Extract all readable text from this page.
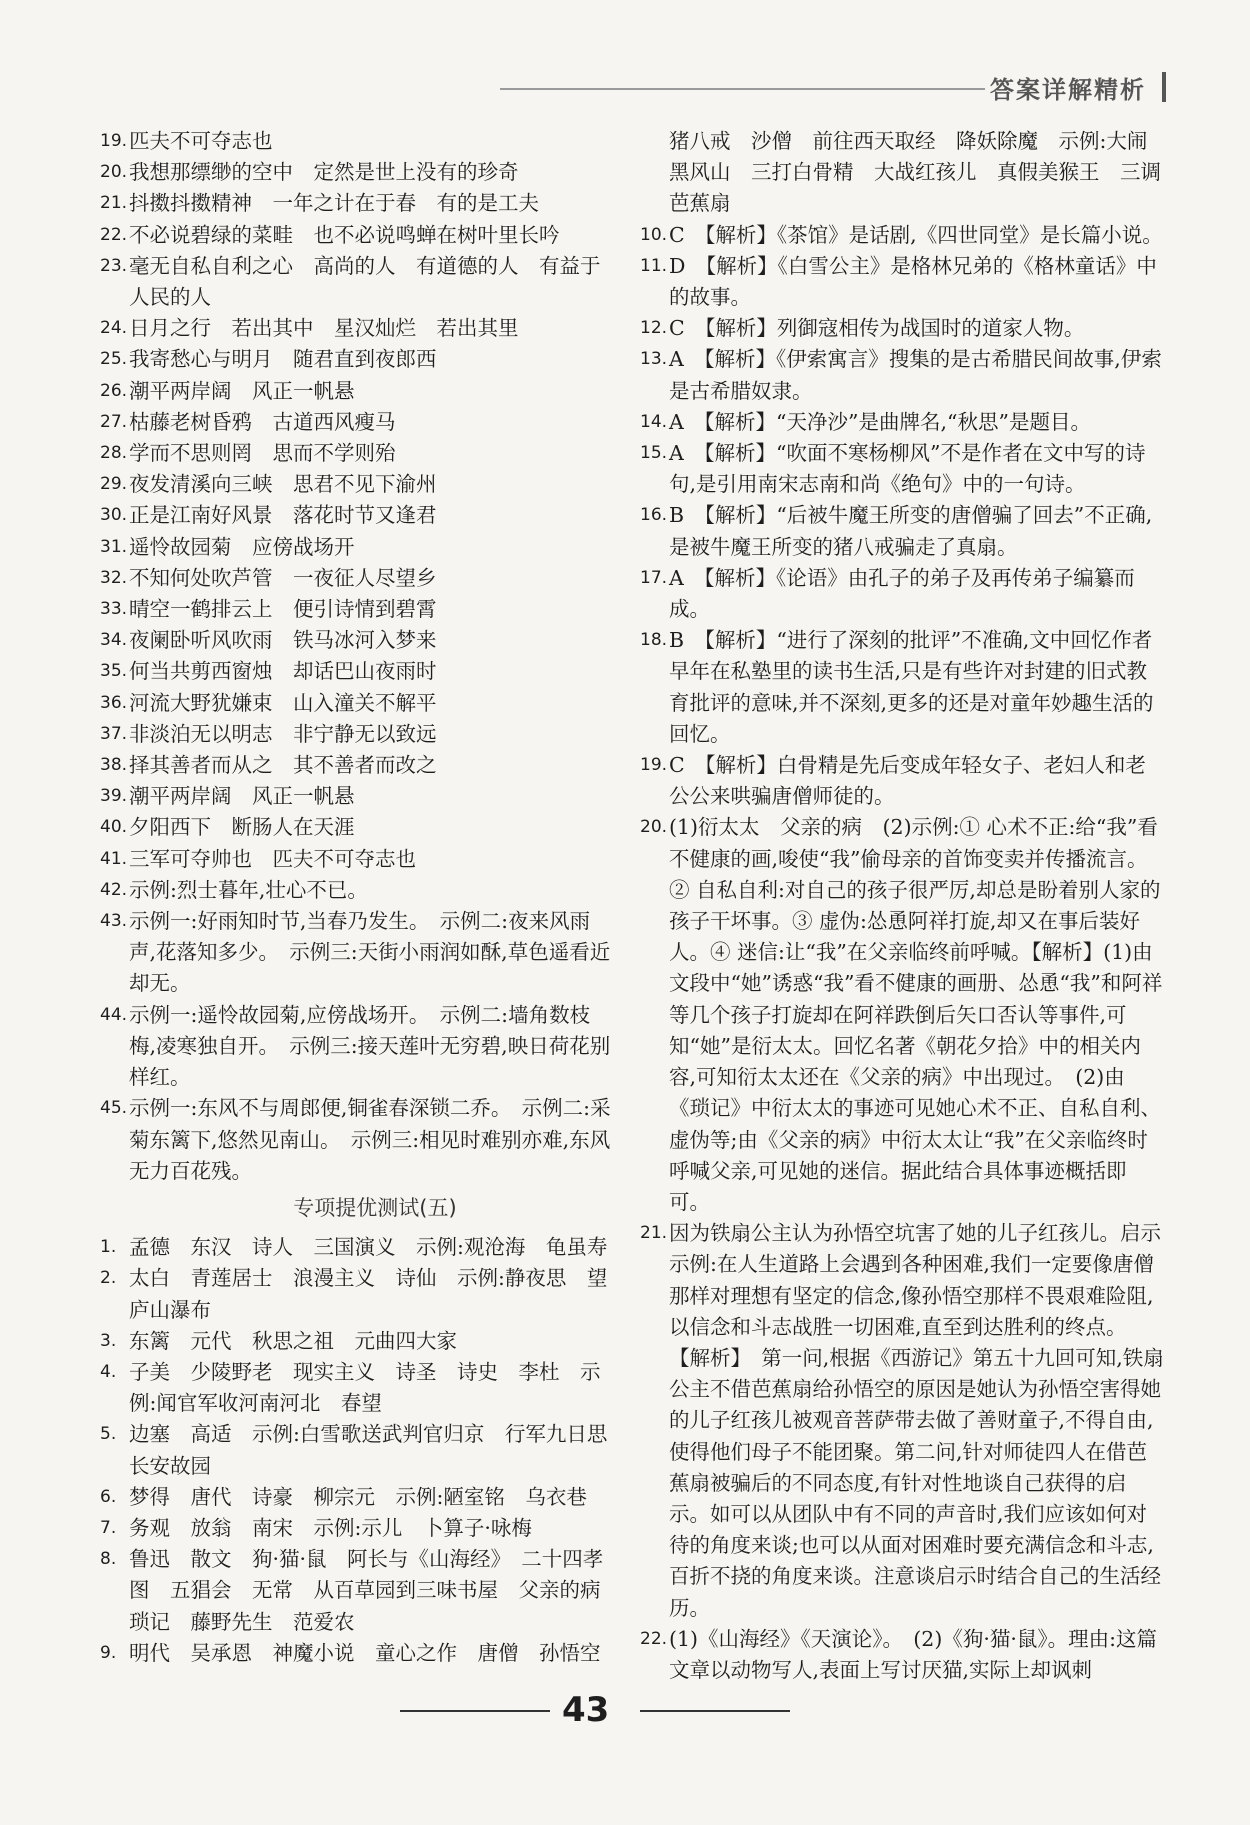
答案详解精析
19. 匹夫不可夺志也
20. 我想那缥缈的空中　定然是世上没有的珍奇
21. 抖擞抖擞精神　一年之计在于春　有的是工夫
22. 不必说碧绿的菜畦　也不必说鸣蝉在树叶里长吟
23. 毫无自私自利之心　高尚的人　有道德的人　有益于人民的人
24. 日月之行　若出其中　星汉灿烂　若出其里
25. 我寄愁心与明月　随君直到夜郎西
26. 潮平两岸阔　风正一帆悬
27. 枯藤老树昏鸦　古道西风瘦马
28. 学而不思则罔　思而不学则殆
29. 夜发清溪向三峡　思君不见下渝州
30. 正是江南好风景　落花时节又逢君
31. 遥怜故园菊　应傍战场开
32. 不知何处吹芦管　一夜征人尽望乡
33. 晴空一鹤排云上　便引诗情到碧霄
34. 夜阑卧听风吹雨　铁马冰河入梦来
35. 何当共剪西窗烛　却话巴山夜雨时
36. 河流大野犹嫌束　山入潼关不解平
37. 非淡泊无以明志　非宁静无以致远
38. 择其善者而从之　其不善者而改之
39. 潮平两岸阔　风正一帆悬
40. 夕阳西下　断肠人在天涯
41. 三军可夺帅也　匹夫不可夺志也
42. 示例:烈士暮年,壮心不已。
43. 示例一:好雨知时节,当春乃发生。　示例二:夜来风雨声,花落知多少。　示例三:天街小雨润如酥,草色遥看近却无。
44. 示例一:遥怜故园菊,应傍战场开。　示例二:墙角数枝梅,凌寒独自开。　示例三:接天莲叶无穷碧,映日荷花别样红。
45. 示例一:东风不与周郎便,铜雀春深锁二乔。　示例二:采菊东篱下,悠然见南山。　示例三:相见时难别亦难,东风无力百花残。
专项提优测试(五)
1. 孟德　东汉　诗人　三国演义　示例:观沧海　龟虽寿
2. 太白　青莲居士　浪漫主义　诗仙　示例:静夜思　望庐山瀑布
3. 东篱　元代　秋思之祖　元曲四大家
4. 子美　少陵野老　现实主义　诗圣　诗史　李杜　示例:闻官军收河南河北　春望
5. 边塞　高适　示例:白雪歌送武判官归京　行军九日思长安故园
6. 梦得　唐代　诗豪　柳宗元　示例:陋室铭　乌衣巷
7. 务观　放翁　南宋　示例:示儿　卜算子·咏梅
8. 鲁迅　散文　狗·猫·鼠　阿长与《山海经》　二十四孝图　五猖会　无常　从百草园到三味书屋　父亲的病　琐记　藤野先生　范爱农
9. 明代　吴承恩　神魔小说　童心之作　唐僧　孙悟空
猪八戒　沙僧　前往西天取经　降妖除魔　示例:大闹黑风山　三打白骨精　大战红孩儿　真假美猴王　三调芭蕉扇
10. C　【解析】《茶馆》是话剧,《四世同堂》是长篇小说。
11. D　【解析】《白雪公主》是格林兄弟的《格林童话》中的故事。
12. C　【解析】列御寇相传为战国时的道家人物。
13. A　【解析】《伊索寓言》搜集的是古希腊民间故事,伊索是古希腊奴隶。
14. A　【解析】“天净沙”是曲牌名,“秋思”是题目。
15. A　【解析】“吹面不寒杨柳风”不是作者在文中写的诗句,是引用南宋志南和尚《绝句》中的一句诗。
16. B　【解析】“后被牛魔王所变的唐僧骗了回去”不正确,是被牛魔王所变的猪八戒骗走了真扇。
17. A　【解析】《论语》由孔子的弟子及再传弟子编纂而成。
18. B　【解析】“进行了深刻的批评”不准确,文中回忆作者早年在私塾里的读书生活,只是有些许对封建的旧式教育批评的意味,并不深刻,更多的还是对童年妙趣生活的回忆。
19. C　【解析】白骨精是先后变成年轻女子、老妇人和老公公来哄骗唐僧师徒的。
20. (1)衍太太　父亲的病　(2)示例:① 心术不正:给“我”看不健康的画,唆使“我”偷母亲的首饰变卖并传播流言。② 自私自利:对自己的孩子很严厉,却总是盼着别人家的孩子干坏事。③ 虚伪:怂恿阿祥打旋,却又在事后装好人。④ 迷信:让“我”在父亲临终前呼喊。【解析】(1)由文段中“她”诱惑“我”看不健康的画册、怂恿“我”和阿祥等几个孩子打旋却在阿祥跌倒后矢口否认等事件,可知“她”是衍太太。回忆名著《朝花夕拾》中的相关内容,可知衍太太还在《父亲的病》中出现过。　(2)由《琐记》中衍太太的事迹可见她心术不正、自私自利、虚伪等;由《父亲的病》中衍太太让“我”在父亲临终时呼喊父亲,可见她的迷信。据此结合具体事迹概括即可。
21. 因为铁扇公主认为孙悟空坑害了她的儿子红孩儿。启示示例:在人生道路上会遇到各种困难,我们一定要像唐僧那样对理想有坚定的信念,像孙悟空那样不畏艰难险阻,以信念和斗志战胜一切困难,直至到达胜利的终点。　【解析】　第一问,根据《西游记》第五十九回可知,铁扇公主不借芭蕉扇给孙悟空的原因是她认为孙悟空害得她的儿子红孩儿被观音菩萨带去做了善财童子,不得自由,使得他们母子不能团聚。第二问,针对师徒四人在借芭蕉扇被骗后的不同态度,有针对性地谈自己获得的启示。如可以从团队中有不同的声音时,我们应该如何对待的角度来谈;也可以从面对困难时要充满信念和斗志,百折不挠的角度来谈。注意谈启示时结合自己的生活经历。
22. (1)《山海经》《天演论》。　(2)《狗·猫·鼠》。理由:这篇文章以动物写人,表面上写讨厌猫,实际上却讽刺
43
